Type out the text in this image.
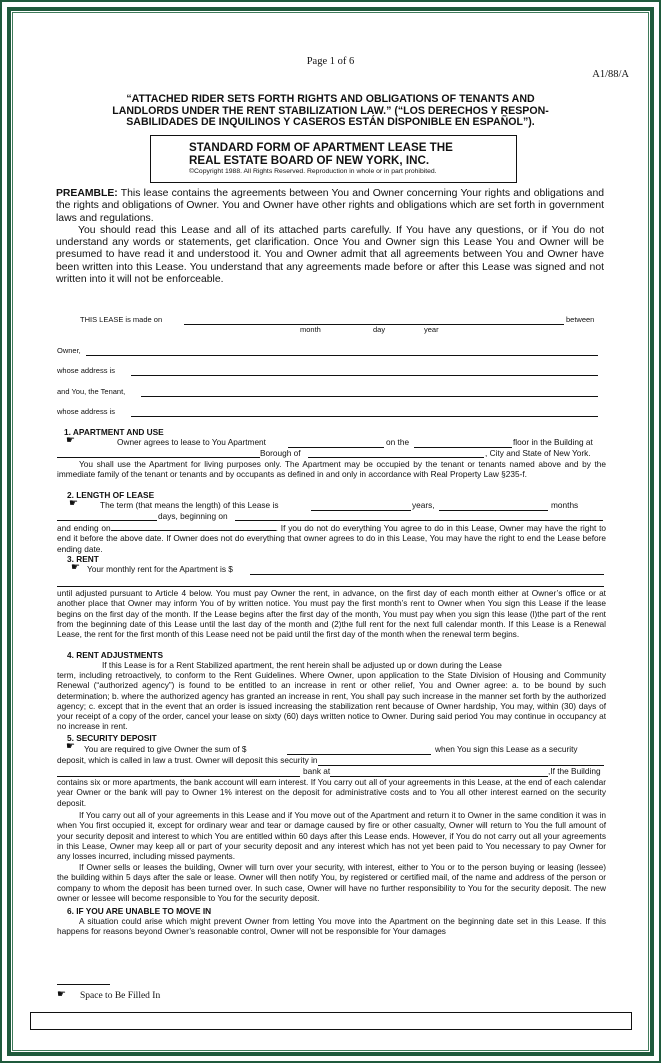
Page 1 of 6
A1/88/A
“ATTACHED RIDER SETS FORTH RIGHTS AND OBLIGATIONS OF TENANTS AND
LANDLORDS UNDER THE RENT STABILIZATION LAW.” (“LOS DERECHOS Y RESPON-
SABILIDADES DE INQUILINOS Y CASEROS ESTÁN DISPONIBLE EN ESPAÑOL”).
STANDARD FORM OF APARTMENT LEASE THE
REAL ESTATE BOARD OF NEW YORK, INC.
©Copyright 1988. All Rights Reserved. Reproduction in whole or in part prohibited.

PREAMBLE: This lease contains the agreements between You and Owner concerning Your rights and obligations and the rights and obligations of Owner. You and Owner have other rights and obligations which are set forth in government laws and regulations.

You should read this Lease and all of its attached parts carefully. If You have any questions, or if You do not understand any words or statements, get clarification. Once You and Owner sign this Lease You and Owner will be presumed to have read it and understood it. You and Owner admit that all agreements between You and Owner have been written into this Lease. You understand that any agreements made before or after this Lease was signed and not written into it will not be enforceable.

THIS LEASE is made on	between
month	day	year
Owner,
whose address is
and You, the Tenant,
whose address is
1. APARTMENT AND USE
☛	Owner agrees to lease to You Apartment	on the	floor in the Building at
Borough of	, City and State of New York.
You shall use the Apartment for living purposes only. The Apartment may be occupied by the tenant or tenants named above and by the immediate family of the tenant or tenants and by occupants as defined in and only in accordance with Real Property Law §235-f.
2. LENGTH OF LEASE
☛	The term (that means the length) of this Lease is	years,	months
days, beginning on
and ending on	. If you do not do everything You agree to do in this Lease, Owner may have the right to end it before the above date. If Owner does not do everything that owner agrees to do in this Lease, You may have the right to end the Lease before ending date.
3. RENT
☛ Your monthly rent for the Apartment is $
until adjusted pursuant to Article 4 below. You must pay Owner the rent, in advance, on the first day of each month either at Owner’s office or at another place that Owner may inform You of by written notice. You must pay the first month’s rent to Owner when You sign this Lease if the lease begins on the first day of the month. If the Lease begins after the first day of the month, You must pay when you sign this lease (l)the part of the rent from the beginning date of this Lease until the last day of the month and (2)the full rent for the next full calendar month. If this Lease is a Renewal Lease, the rent for the first month of this Lease need not be paid until the first day of the month when the renewal term begins.
4. RENT ADJUSTMENTS
If this Lease is for a Rent Stabilized apartment, the rent herein shall be adjusted up or down during the Lease
term, including retroactively, to conform to the Rent Guidelines. Where Owner, upon application to the State Division of Housing and Community Renewal (“authorized agency”) is found to be entitled to an increase in rent or other relief, You and Owner agree: a. to be bound by such determination; b. where the authorized agency has granted an increase in rent, You shall pay such increase in the manner set forth by the authorized agency; c. except that in the event that an order is issued increasing the stabilization rent because of Owner hardship, You may, within (30) days of your receipt of a copy of the order, cancel your lease on sixty (60) days written notice to Owner. During said period You may continue in occupancy at no increase in rent.
5. SECURITY DEPOSIT
☛ You are required to give Owner the sum of $	when You sign this Lease as a security
deposit, which is called in law a trust. Owner will deposit this security in
bank at	,If the Building
contains six or more apartments, the bank account will earn interest. If You carry out all of your agreements in this Lease, at the end of each calendar year Owner or the bank will pay to Owner 1% interest on the deposit for administrative costs and to You all other interest earned on the security deposit.
If You carry out all of your agreements in this Lease and if You move out of the Apartment and return it to Owner in the same condition it was in when You first occupied it, except for ordinary wear and tear or damage caused by fire or other casualty, Owner will return to You the full amount of your security deposit and interest to which You are entitled within 60 days after this Lease ends. However, if You do not carry out all your agreements in this Lease, Owner may keep all or part of your security deposit and any interest which has not yet been paid to You necessary to pay Owner for any losses incurred, including missed payments.
If Owner sells or leases the building, Owner will turn over your security, with interest, either to You or to the person buying or leasing (lessee) the building within 5 days after the sale or lease. Owner will then notify You, by registered or certified mail, of the name and address of the person or company to whom the deposit has been turned over. In such case, Owner will have no further responsibility to You for the security deposit. The new owner or lessee will become responsible to You for the security deposit.
6. IF YOU ARE UNABLE TO MOVE IN
A situation could arise which might prevent Owner from letting You move into the Apartment on the beginning date set in this Lease. If this happens for reasons beyond Owner’s reasonable control, Owner will not be responsible for Your damages
☛ Space to Be Filled In
